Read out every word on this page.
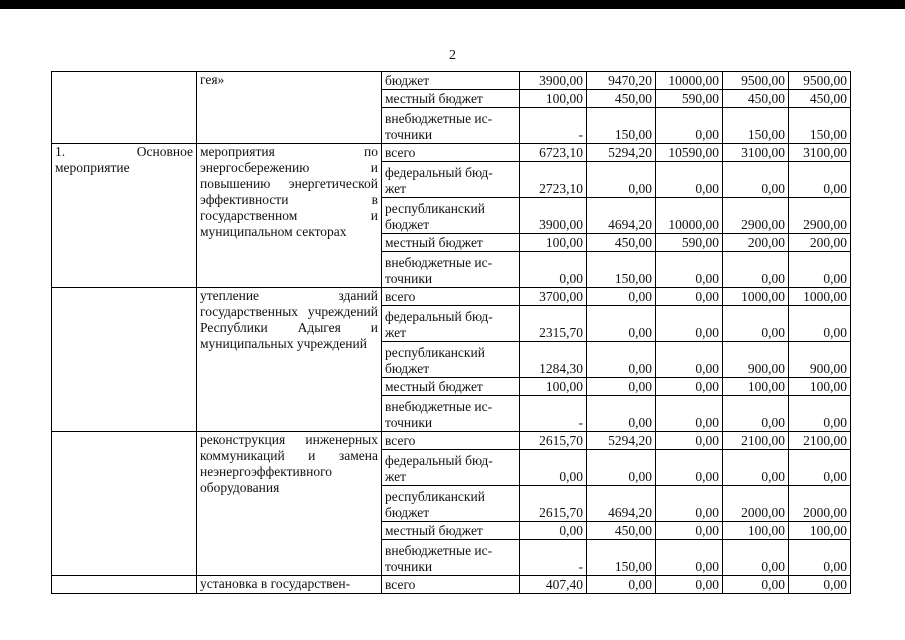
2
	гея»	бюджет	3900,00	9470,20	10000,00	9500,00	9500,00
		местный бюджет	100,00	450,00	590,00	450,00	450,00
		внебюджетные ис- точники	-	150,00	0,00	150,00	150,00
1. Основное мероприятие	мероприятия по энергосбережению и повышению энергетической эффективности в государственном и муниципальном секторах	всего	6723,10	5294,20	10590,00	3100,00	3100,00
		федеральный бюд- жет	2723,10	0,00	0,00	0,00	0,00
		республиканский бюджет	3900,00	4694,20	10000,00	2900,00	2900,00
		местный бюджет	100,00	450,00	590,00	200,00	200,00
		внебюджетные ис- точники	0,00	150,00	0,00	0,00	0,00
	утепление зданий государственных учреждений Республики Адыгея и муниципальных учреждений	всего	3700,00	0,00	0,00	1000,00	1000,00
		федеральный бюд- жет	2315,70	0,00	0,00	0,00	0,00
		республиканский бюджет	1284,30	0,00	0,00	900,00	900,00
		местный бюджет	100,00	0,00	0,00	100,00	100,00
		внебюджетные ис- точники	-	0,00	0,00	0,00	0,00
	реконструкция инженерных коммуникаций и замена неэнергоэффективного оборудования	всего	2615,70	5294,20	0,00	2100,00	2100,00
		федеральный бюд- жет	0,00	0,00	0,00	0,00	0,00
		республиканский бюджет	2615,70	4694,20	0,00	2000,00	2000,00
		местный бюджет	0,00	450,00	0,00	100,00	100,00
		внебюджетные ис- точники	-	150,00	0,00	0,00	0,00
	установка в государствен-	всего	407,40	0,00	0,00	0,00	0,00
